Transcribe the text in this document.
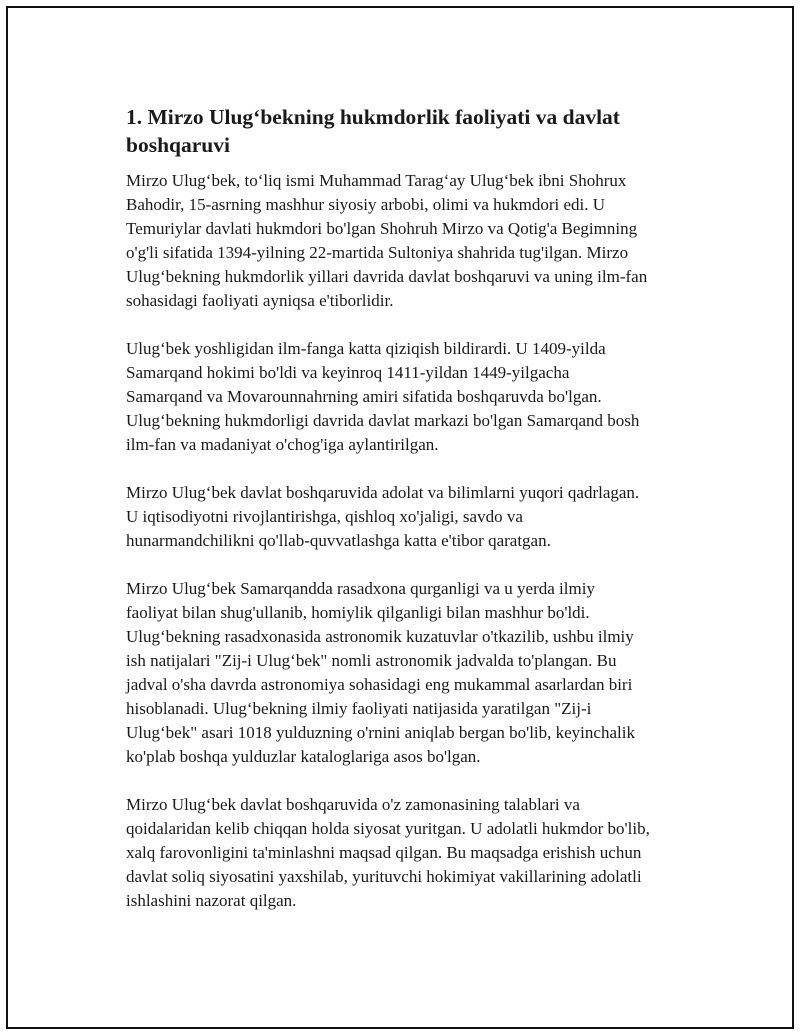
1. Mirzo Ulug‘bekning hukmdorlik faoliyati va davlat
boshqaruvi

Mirzo Ulug‘bek, to‘liq ismi Muhammad Tarag‘ay Ulug‘bek ibni Shohrux
Bahodir, 15-asrning mashhur siyosiy arbobi, olimi va hukmdori edi. U
Temuriylar davlati hukmdori bo'lgan Shohruh Mirzo va Qotig'a Begimning
o'g'li sifatida 1394-yilning 22-martida Sultoniya shahrida tug'ilgan. Mirzo
Ulug‘bekning hukmdorlik yillari davrida davlat boshqaruvi va uning ilm-fan
sohasidagi faoliyati ayniqsa e'tiborlidir.

Ulug‘bek yoshligidan ilm-fanga katta qiziqish bildirardi. U 1409-yilda
Samarqand hokimi bo'ldi va keyinroq 1411-yildan 1449-yilgacha
Samarqand va Movarounnahrning amiri sifatida boshqaruvda bo'lgan.
Ulug‘bekning hukmdorligi davrida davlat markazi bo'lgan Samarqand bosh
ilm-fan va madaniyat o'chog'iga aylantirilgan.

Mirzo Ulug‘bek davlat boshqaruvida adolat va bilimlarni yuqori qadrlagan.
U iqtisodiyotni rivojlantirishga, qishloq xo'jaligi, savdo va
hunarmandchilikni qo'llab-quvvatlashga katta e'tibor qaratgan.

Mirzo Ulug‘bek Samarqandda rasadxona qurganligi va u yerda ilmiy
faoliyat bilan shug'ullanib, homiylik qilganligi bilan mashhur bo'ldi.
Ulug‘bekning rasadxonasida astronomik kuzatuvlar o'tkazilib, ushbu ilmiy
ish natijalari "Zij-i Ulug‘bek" nomli astronomik jadvalda to'plangan. Bu
jadval o'sha davrda astronomiya sohasidagi eng mukammal asarlardan biri
hisoblanadi. Ulug‘bekning ilmiy faoliyati natijasida yaratilgan "Zij-i
Ulug‘bek" asari 1018 yulduzning o'rnini aniqlab bergan bo'lib, keyinchalik
ko'plab boshqa yulduzlar kataloglariga asos bo'lgan.

Mirzo Ulug‘bek davlat boshqaruvida o'z zamonasining talablari va
qoidalaridan kelib chiqqan holda siyosat yuritgan. U adolatli hukmdor bo'lib,
xalq farovonligini ta'minlashni maqsad qilgan. Bu maqsadga erishish uchun
davlat soliq siyosatini yaxshilab, yurituvchi hokimiyat vakillarining adolatli
ishlashini nazorat qilgan.
